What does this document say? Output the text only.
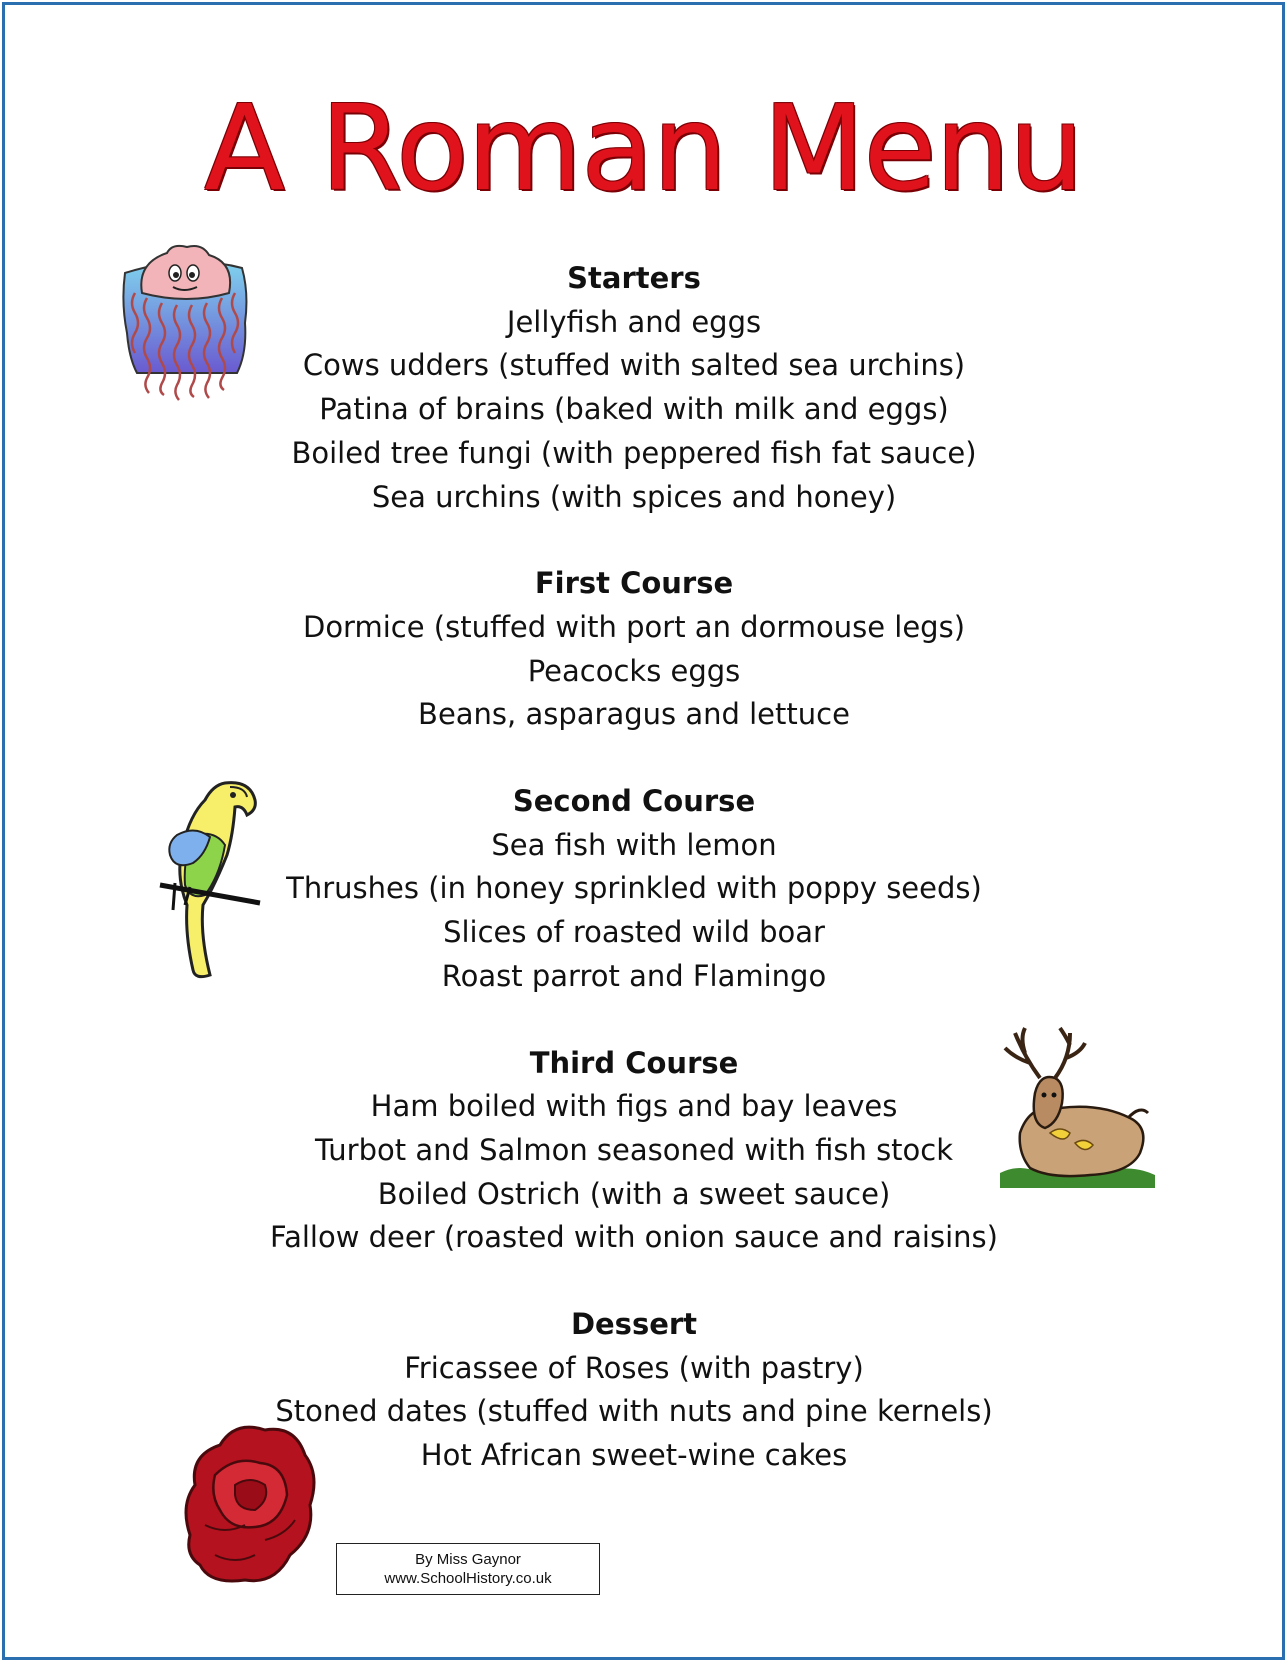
A Roman Menu
Starters
Jellyfish and eggs
Cows udders (stuffed with salted sea urchins)
Patina of brains (baked with milk and eggs)
Boiled tree fungi (with peppered fish fat sauce)
Sea urchins (with spices and honey)
First Course
Dormice (stuffed with port an dormouse legs)
Peacocks eggs
Beans, asparagus and lettuce
Second Course
Sea fish with lemon
Thrushes (in honey sprinkled with poppy seeds)
Slices of roasted wild boar
Roast parrot and Flamingo
Third Course
Ham boiled with figs and bay leaves
Turbot and Salmon seasoned with fish stock
Boiled Ostrich (with a sweet sauce)
Fallow deer (roasted with onion sauce and raisins)
Dessert
Fricassee of Roses (with pastry)
Stoned dates (stuffed with nuts and pine kernels)
Hot African sweet-wine cakes
By Miss Gaynor
www.SchoolHistory.co.uk
